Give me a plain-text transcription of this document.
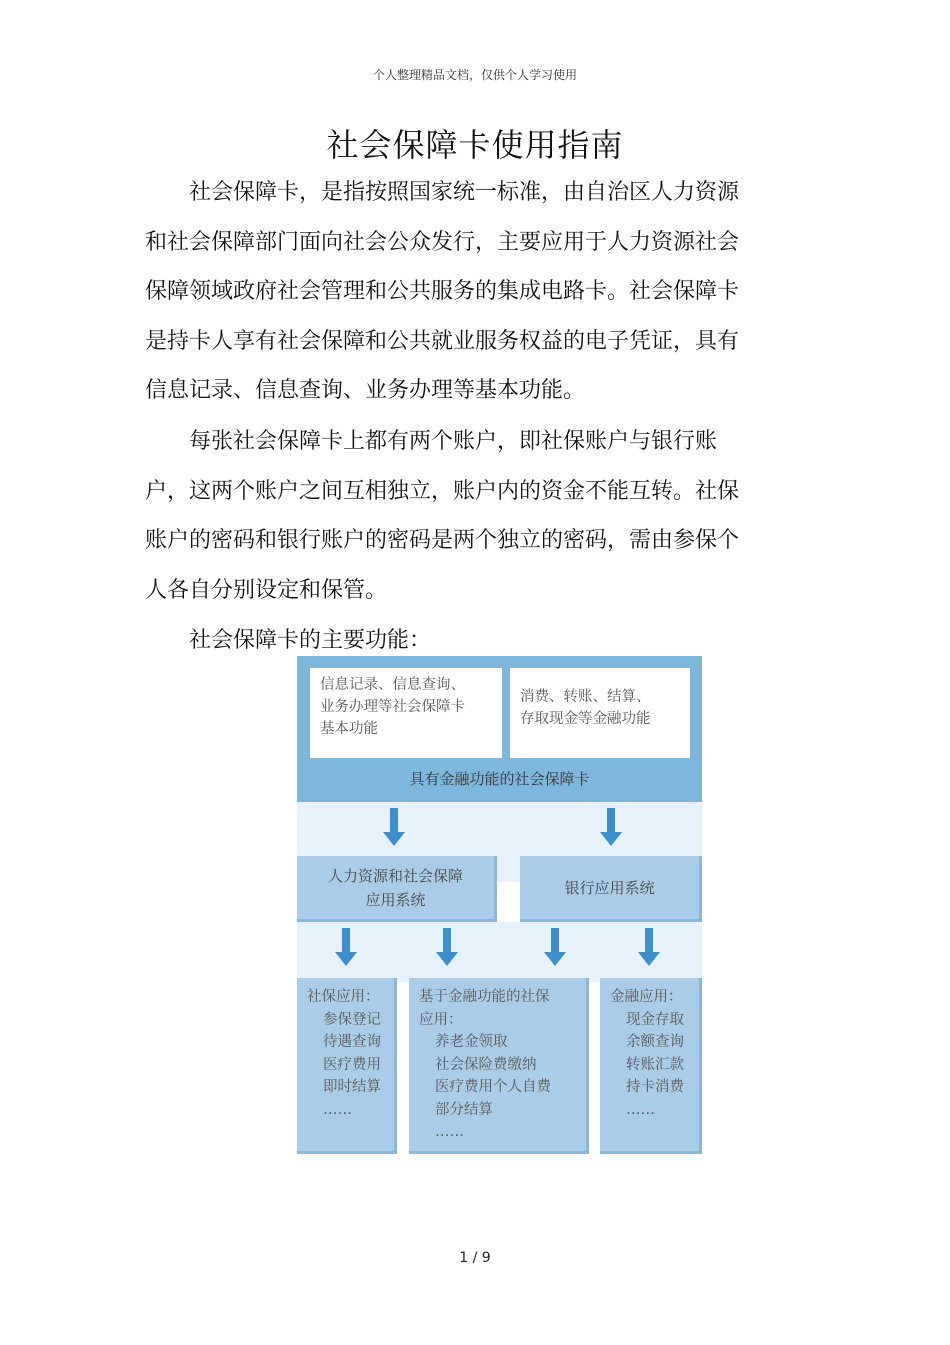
个人整理精品文档，仅供个人学习使用
社会保障卡使用指南

社会保障卡，是指按照国家统一标准，由自治区人力资源和社会保障部门面向社会公众发行，主要应用于人力资源社会保障领域政府社会管理和公共服务的集成电路卡。社会保障卡是持卡人享有社会保障和公共就业服务权益的电子凭证，具有信息记录、信息查询、业务办理等基本功能。

每张社会保障卡上都有两个账户，即社保账户与银行账户，这两个账户之间互相独立，账户内的资金不能互转。社保账户的密码和银行账户的密码是两个独立的密码，需由参保个人各自分别设定和保管。

社会保障卡的主要功能：

信息记录、信息查询、
业务办理等社会保障卡
基本功能
消费、转账、结算、
存取现金等金融功能
具有金融功能的社会保障卡
人力资源和社会保障
应用系统
银行应用系统
社保应用：
参保登记
待遇查询
医疗费用
即时结算
……
基于金融功能的社保
应用：
养老金领取
社会保险费缴纳
医疗费用个人自费
部分结算
……
金融应用：
现金存取
余额查询
转账汇款
持卡消费
……
1 / 9
